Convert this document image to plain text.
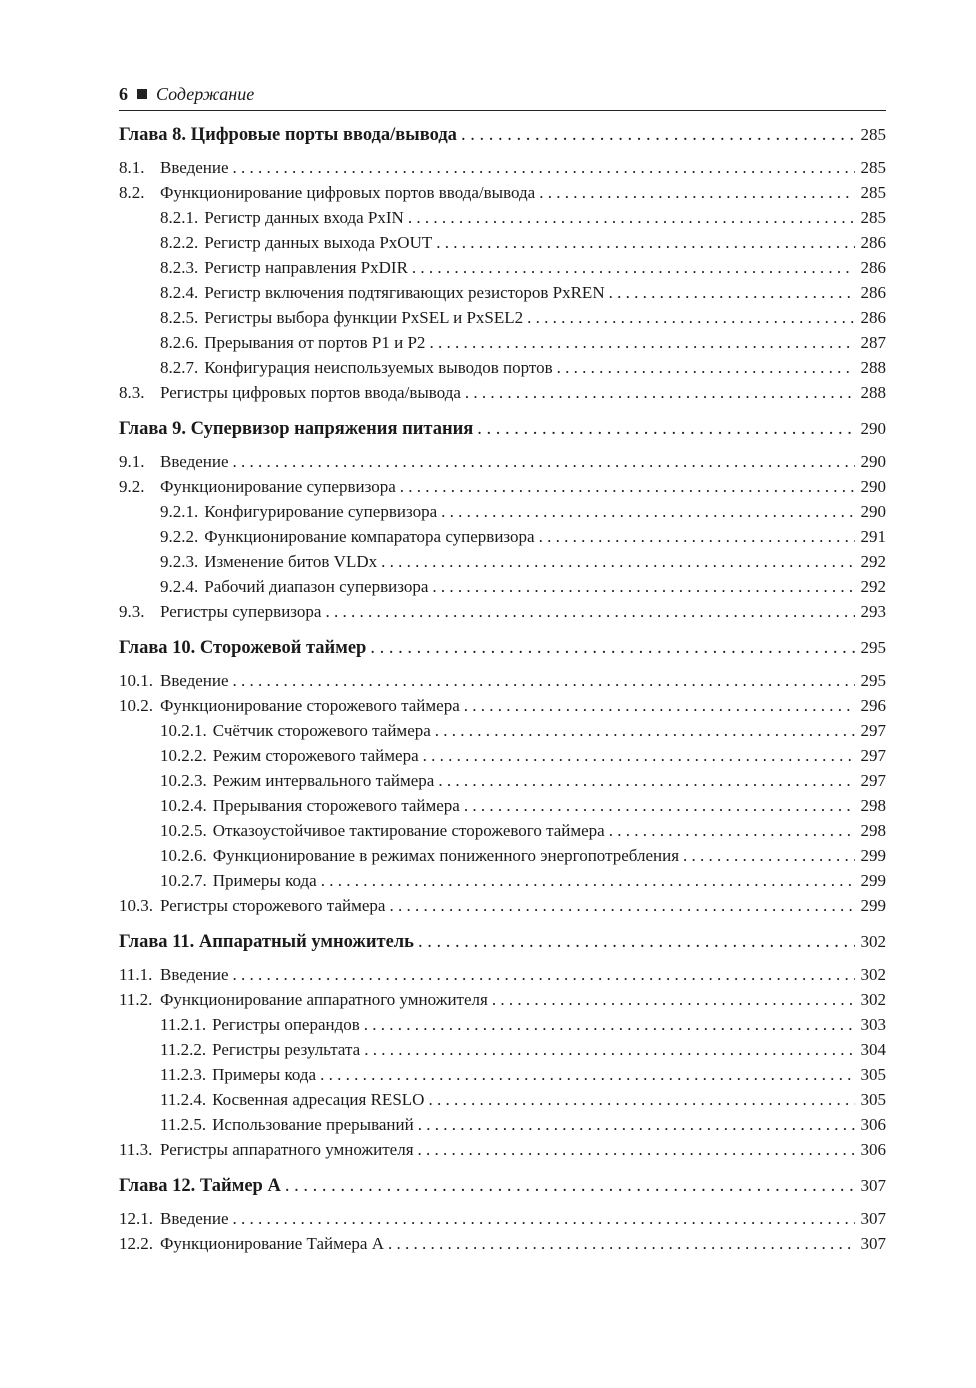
6 Содержание
Глава 8. Цифровые порты ввода/вывода . . .	285
8.1. Введение . . .	285
8.2. Функционирование цифровых портов ввода/вывода . . .	285
8.2.1. Регистр данных входа PxIN . . .	285
8.2.2. Регистр данных выхода PxOUT . . .	286
8.2.3. Регистр направления PxDIR . . .	286
8.2.4. Регистр включения подтягивающих резисторов PxREN . . .	286
8.2.5. Регистры выбора функции PxSEL и PxSEL2 . . .	286
8.2.6. Прерывания от портов P1 и P2 . . .	287
8.2.7. Конфигурация неиспользуемых выводов портов . . .	288
8.3. Регистры цифровых портов ввода/вывода . . .	288
Глава 9. Супервизор напряжения питания . . .	290
9.1. Введение . . .	290
9.2. Функционирование супервизора . . .	290
9.2.1. Конфигурирование супервизора . . .	290
9.2.2. Функционирование компаратора супервизора . . .	291
9.2.3. Изменение битов VLDx . . .	292
9.2.4. Рабочий диапазон супервизора . . .	292
9.3. Регистры супервизора . . .	293
Глава 10. Сторожевой таймер . . .	295
10.1. Введение . . .	295
10.2. Функционирование сторожевого таймера . . .	296
10.2.1. Счётчик сторожевого таймера . . .	297
10.2.2. Режим сторожевого таймера . . .	297
10.2.3. Режим интервального таймера . . .	297
10.2.4. Прерывания сторожевого таймера . . .	298
10.2.5. Отказоустойчивое тактирование сторожевого таймера . . .	298
10.2.6. Функционирование в режимах пониженного энергопотребления . . .	299
10.2.7. Примеры кода . . .	299
10.3. Регистры сторожевого таймера . . .	299
Глава 11. Аппаратный умножитель . . .	302
11.1. Введение . . .	302
11.2. Функционирование аппаратного умножителя . . .	302
11.2.1. Регистры операндов . . .	303
11.2.2. Регистры результата . . .	304
11.2.3. Примеры кода . . .	305
11.2.4. Косвенная адресация RESLO . . .	305
11.2.5. Использование прерываний . . .	306
11.3. Регистры аппаратного умножителя . . .	306
Глава 12. Таймер А . . .	307
12.1. Введение . . .	307
12.2. Функционирование Таймера А . . .	307
